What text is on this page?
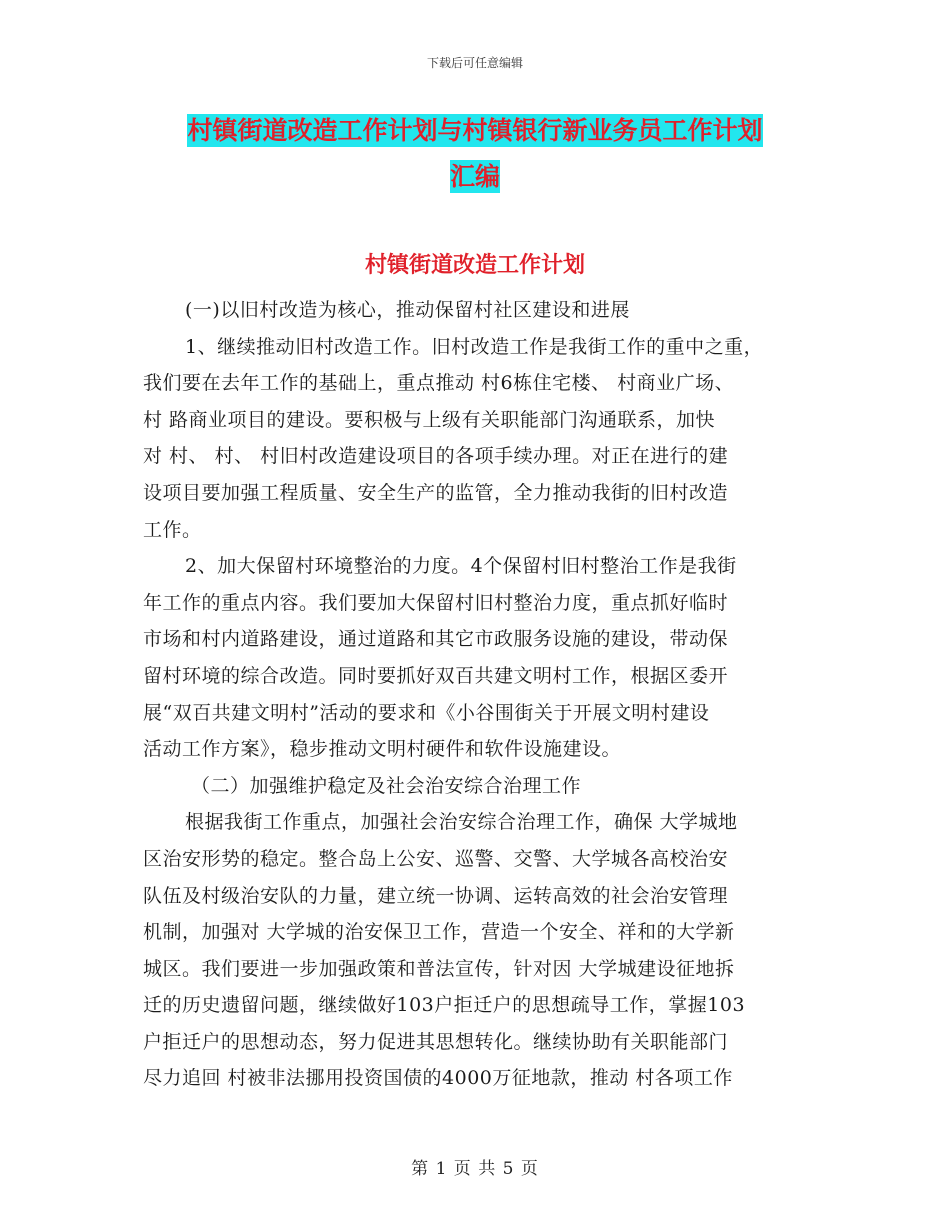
下载后可任意编辑
村镇街道改造工作计划与村镇银行新业务员工作计划
汇编
村镇街道改造工作计划
(一)以旧村改造为核心，推动保留村社区建设和进展
1、继续推动旧村改造工作。旧村改造工作是我街工作的重中之重，
我们要在去年工作的基础上，重点推动 村6栋住宅楼、 村商业广场、
村 路商业项目的建设。要积极与上级有关职能部门沟通联系，加快
对 村、 村、 村旧村改造建设项目的各项手续办理。对正在进行的建
设项目要加强工程质量、安全生产的监管，全力推动我街的旧村改造
工作。
2、加大保留村环境整治的力度。4个保留村旧村整治工作是我街
年工作的重点内容。我们要加大保留村旧村整治力度，重点抓好临时
市场和村内道路建设，通过道路和其它市政服务设施的建设，带动保
留村环境的综合改造。同时要抓好双百共建文明村工作，根据区委开
展“双百共建文明村”活动的要求和《小谷围街关于开展文明村建设
活动工作方案》，稳步推动文明村硬件和软件设施建设。
（二）加强维护稳定及社会治安综合治理工作
根据我街工作重点，加强社会治安综合治理工作，确保 大学城地
区治安形势的稳定。整合岛上公安、巡警、交警、大学城各高校治安
队伍及村级治安队的力量，建立统一协调、运转高效的社会治安管理
机制，加强对 大学城的治安保卫工作，营造一个安全、祥和的大学新
城区。我们要进一步加强政策和普法宣传，针对因 大学城建设征地拆
迁的历史遗留问题，继续做好103户拒迁户的思想疏导工作，掌握103
户拒迁户的思想动态，努力促进其思想转化。继续协助有关职能部门
尽力追回 村被非法挪用投资国债的4000万征地款，推动 村各项工作
第 1 页 共 5 页
